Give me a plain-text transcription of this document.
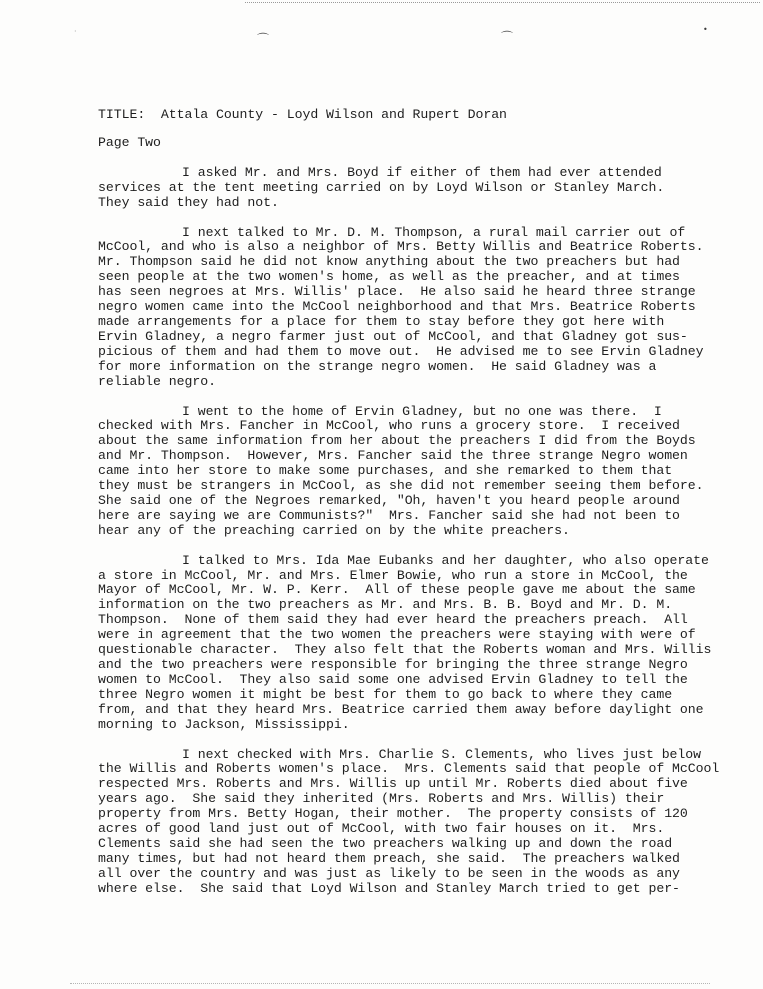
⌒	⌒
•
·
TITLE:  Attala County - Loyd Wilson and Rupert Doran
Page Two
I asked Mr. and Mrs. Boyd if either of them had ever attended
services at the tent meeting carried on by Loyd Wilson or Stanley March.
They said they had not.
I next talked to Mr. D. M. Thompson, a rural mail carrier out of
McCool, and who is also a neighbor of Mrs. Betty Willis and Beatrice Roberts.
Mr. Thompson said he did not know anything about the two preachers but had
seen people at the two women's home, as well as the preacher, and at times
has seen negroes at Mrs. Willis' place.  He also said he heard three strange
negro women came into the McCool neighborhood and that Mrs. Beatrice Roberts
made arrangements for a place for them to stay before they got here with
Ervin Gladney, a negro farmer just out of McCool, and that Gladney got sus-
picious of them and had them to move out.  He advised me to see Ervin Gladney
for more information on the strange negro women.  He said Gladney was a
reliable negro.
I went to the home of Ervin Gladney, but no one was there.  I
checked with Mrs. Fancher in McCool, who runs a grocery store.  I received
about the same information from her about the preachers I did from the Boyds
and Mr. Thompson.  However, Mrs. Fancher said the three strange Negro women
came into her store to make some purchases, and she remarked to them that
they must be strangers in McCool, as she did not remember seeing them before.
She said one of the Negroes remarked, "Oh, haven't you heard people around
here are saying we are Communists?"  Mrs. Fancher said she had not been to
hear any of the preaching carried on by the white preachers.
I talked to Mrs. Ida Mae Eubanks and her daughter, who also operate
a store in McCool, Mr. and Mrs. Elmer Bowie, who run a store in McCool, the
Mayor of McCool, Mr. W. P. Kerr.  All of these people gave me about the same
information on the two preachers as Mr. and Mrs. B. B. Boyd and Mr. D. M.
Thompson.  None of them said they had ever heard the preachers preach.  All
were in agreement that the two women the preachers were staying with were of
questionable character.  They also felt that the Roberts woman and Mrs. Willis
and the two preachers were responsible for bringing the three strange Negro
women to McCool.  They also said some one advised Ervin Gladney to tell the
three Negro women it might be best for them to go back to where they came
from, and that they heard Mrs. Beatrice carried them away before daylight one
morning to Jackson, Mississippi.
I next checked with Mrs. Charlie S. Clements, who lives just below
the Willis and Roberts women's place.  Mrs. Clements said that people of McCool
respected Mrs. Roberts and Mrs. Willis up until Mr. Roberts died about five
years ago.  She said they inherited (Mrs. Roberts and Mrs. Willis) their
property from Mrs. Betty Hogan, their mother.  The property consists of 120
acres of good land just out of McCool, with two fair houses on it.  Mrs.
Clements said she had seen the two preachers walking up and down the road
many times, but had not heard them preach, she said.  The preachers walked
all over the country and was just as likely to be seen in the woods as any
where else.  She said that Loyd Wilson and Stanley March tried to get per-
